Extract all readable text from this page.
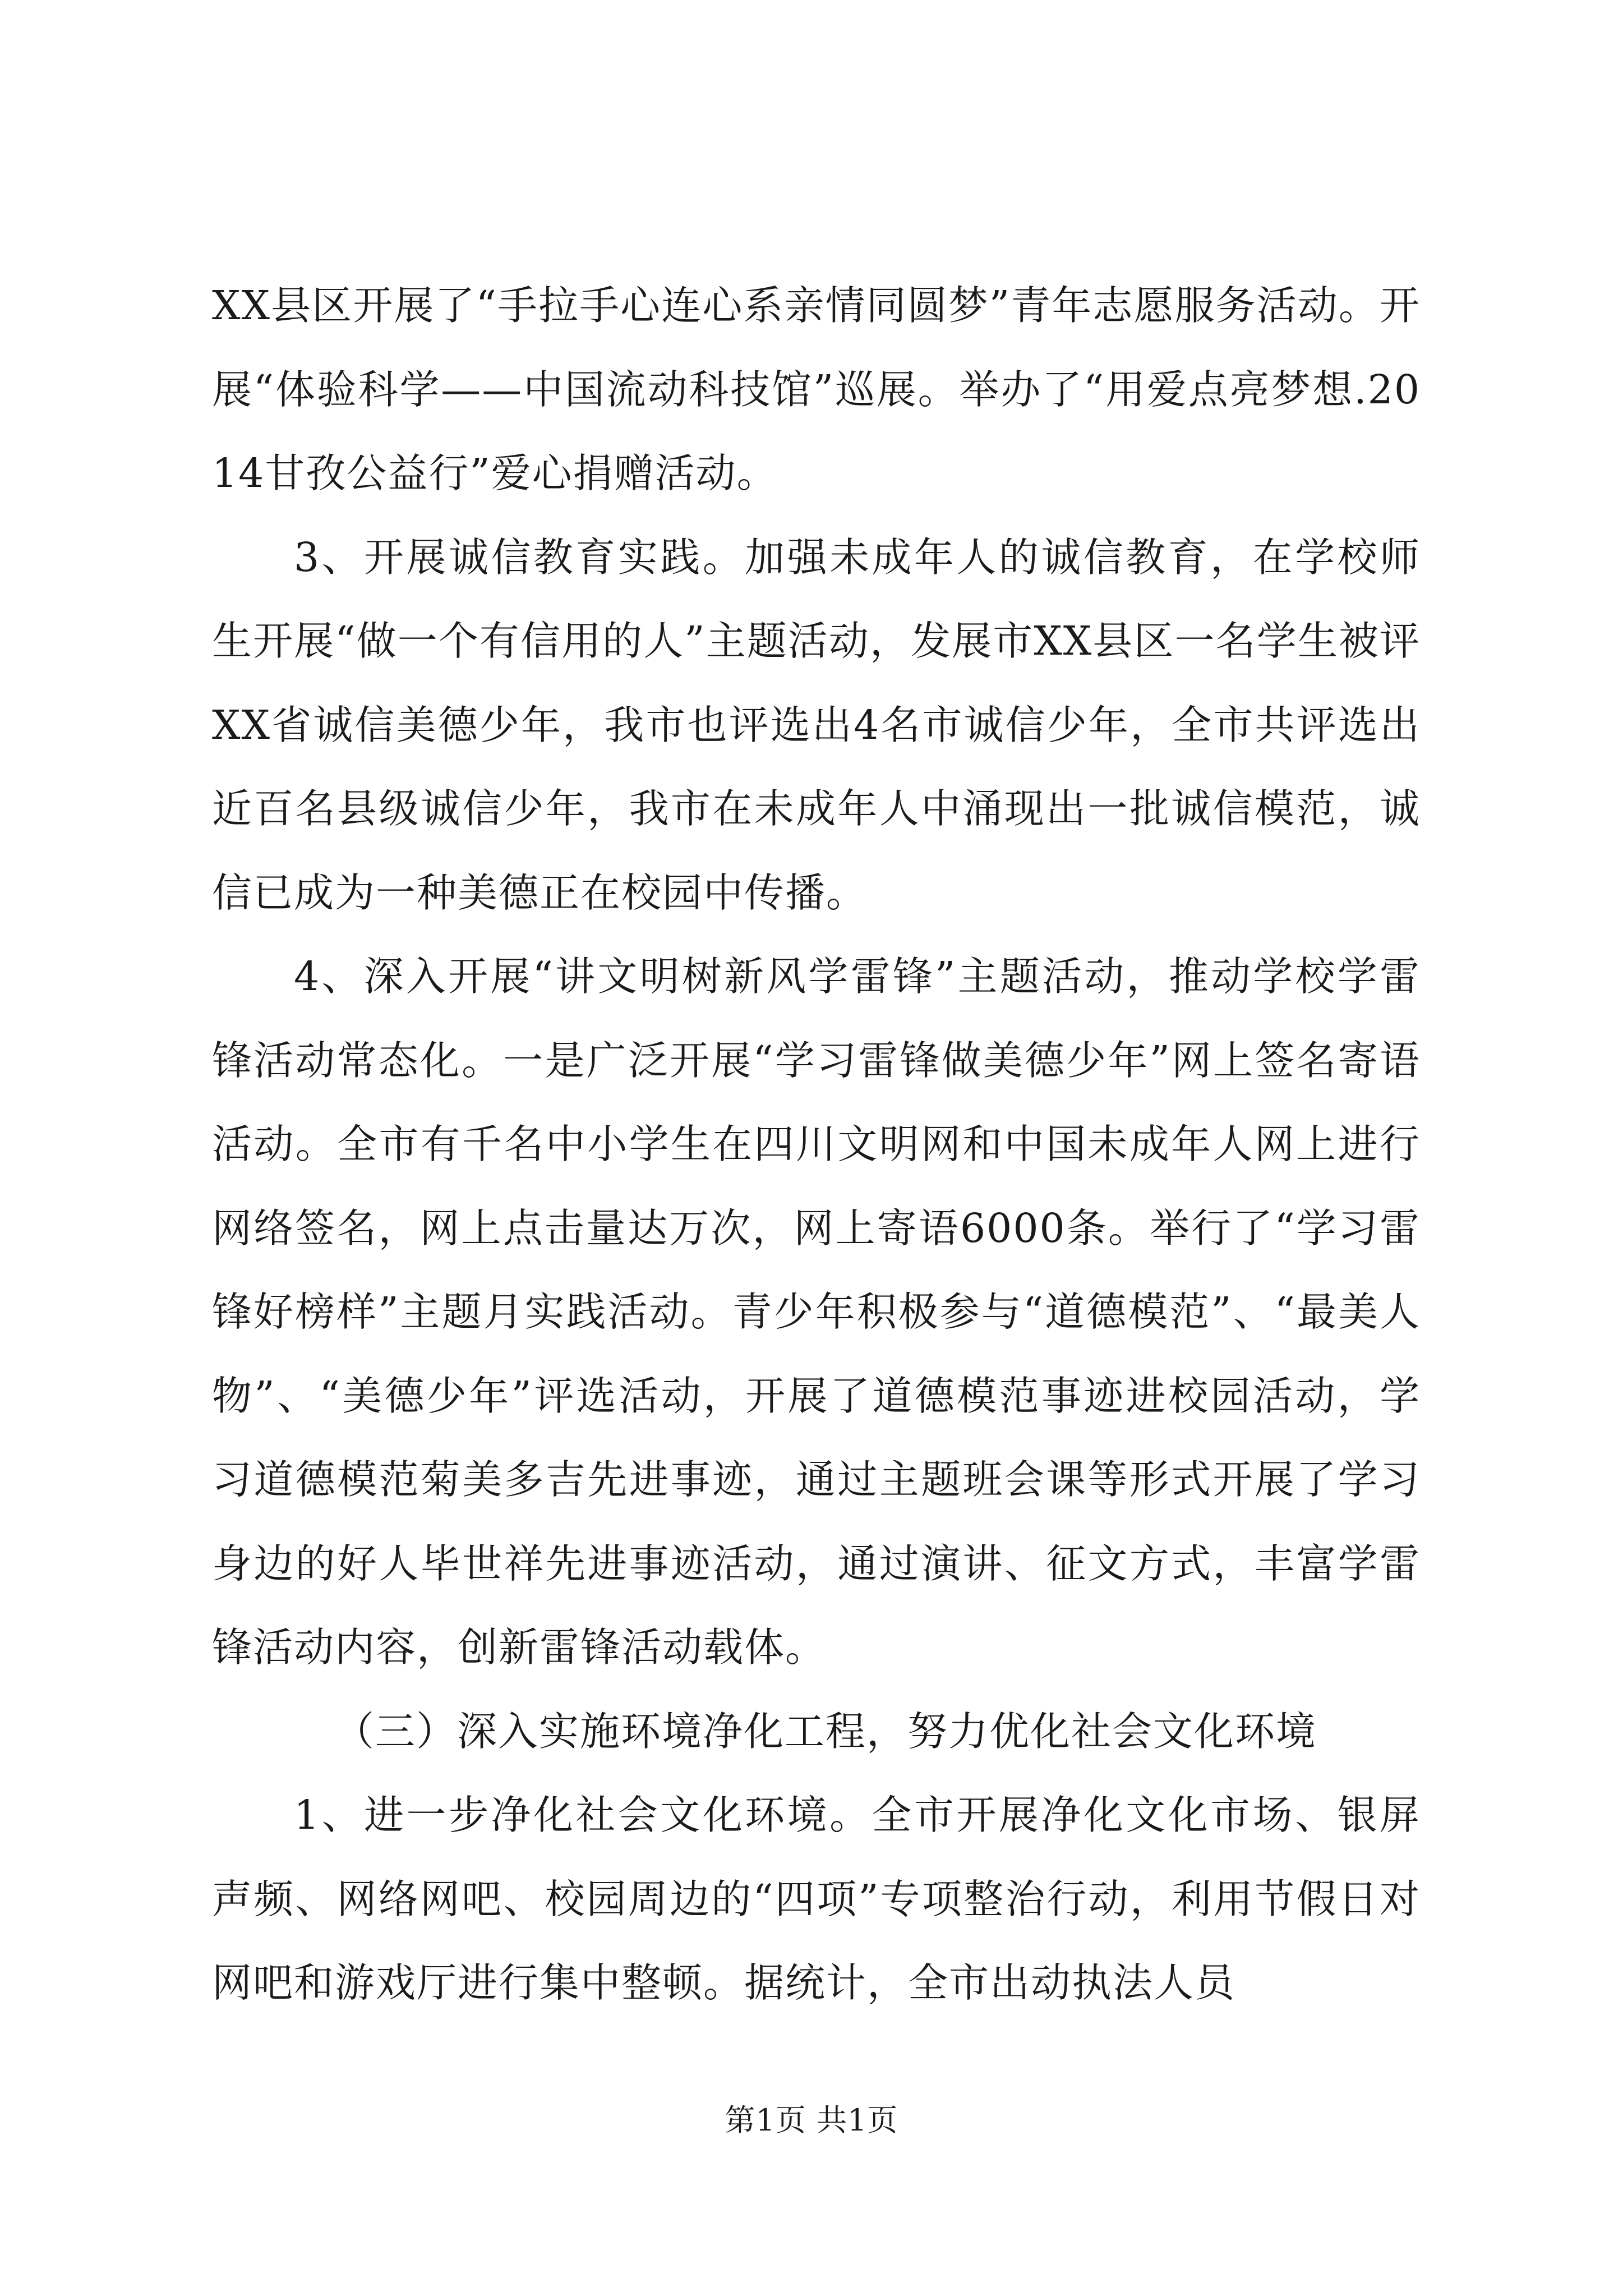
XX县区开展了“手拉手心连心系亲情同圆梦”青年志愿服务活动。开展“体验科学——中国流动科技馆”巡展。举办了“用爱点亮梦想.2014甘孜公益行”爱心捐赠活动。

3、开展诚信教育实践。加强未成年人的诚信教育，在学校师生开展“做一个有信用的人”主题活动，发展市XX县区一名学生被评XX省诚信美德少年，我市也评选出4名市诚信少年，全市共评选出近百名县级诚信少年，我市在未成年人中涌现出一批诚信模范，诚信已成为一种美德正在校园中传播。

4、深入开展“讲文明树新风学雷锋”主题活动，推动学校学雷锋活动常态化。一是广泛开展“学习雷锋做美德少年”网上签名寄语活动。全市有千名中小学生在四川文明网和中国未成年人网上进行网络签名，网上点击量达万次，网上寄语6000条。举行了“学习雷锋好榜样”主题月实践活动。青少年积极参与“道德模范”、“最美人物”、“美德少年”评选活动，开展了道德模范事迹进校园活动，学习道德模范菊美多吉先进事迹，通过主题班会课等形式开展了学习身边的好人毕世祥先进事迹活动，通过演讲、征文方式，丰富学雷锋活动内容，创新雷锋活动载体。

（三）深入实施环境净化工程，努力优化社会文化环境

1、进一步净化社会文化环境。全市开展净化文化市场、银屏声频、网络网吧、校园周边的“四项”专项整治行动，利用节假日对网吧和游戏厅进行集中整顿。据统计，全市出动执法人员

第1页 共1页
